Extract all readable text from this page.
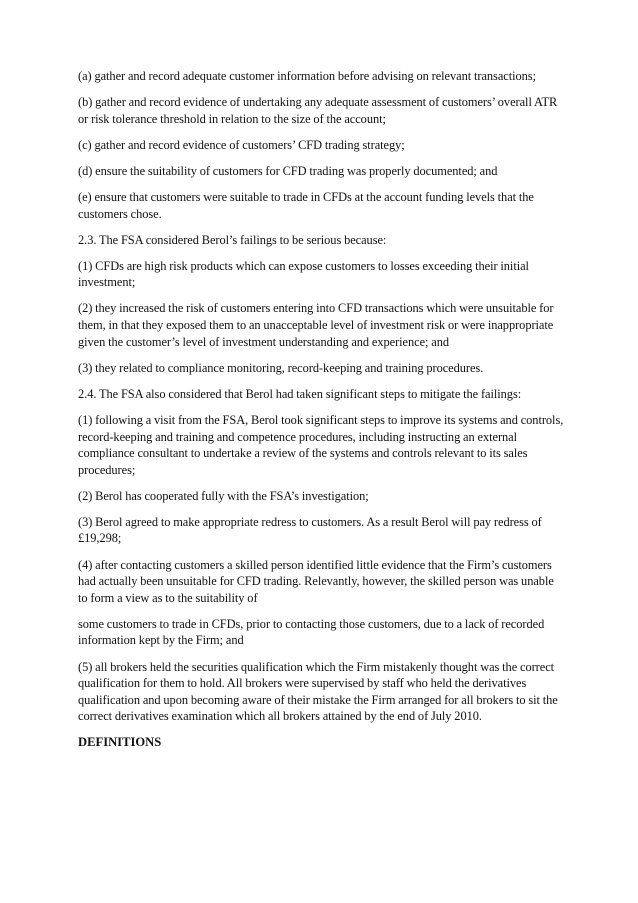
(a) gather and record adequate customer information before advising on relevant transactions;

(b) gather and record evidence of undertaking any adequate assessment of customers’ overall ATR or risk tolerance threshold in relation to the size of the account;

(c) gather and record evidence of customers’ CFD trading strategy;

(d) ensure the suitability of customers for CFD trading was properly documented; and

(e) ensure that customers were suitable to trade in CFDs at the account funding levels that the customers chose.

2.3. The FSA considered Berol’s failings to be serious because:

(1) CFDs are high risk products which can expose customers to losses exceeding their initial investment;

(2) they increased the risk of customers entering into CFD transactions which were unsuitable for them, in that they exposed them to an unacceptable level of investment risk or were inappropriate given the customer’s level of investment understanding and experience; and

(3) they related to compliance monitoring, record-keeping and training procedures.

2.4. The FSA also considered that Berol had taken significant steps to mitigate the failings:

(1) following a visit from the FSA, Berol took significant steps to improve its systems and controls, record-keeping and training and competence procedures, including instructing an external compliance consultant to undertake a review of the systems and controls relevant to its sales procedures;

(2) Berol has cooperated fully with the FSA’s investigation;

(3) Berol agreed to make appropriate redress to customers. As a result Berol will pay redress of £19,298;

(4) after contacting customers a skilled person identified little evidence that the Firm’s customers had actually been unsuitable for CFD trading. Relevantly, however, the skilled person was unable to form a view as to the suitability of

some customers to trade in CFDs, prior to contacting those customers, due to a lack of recorded information kept by the Firm; and

(5) all brokers held the securities qualification which the Firm mistakenly thought was the correct qualification for them to hold. All brokers were supervised by staff who held the derivatives qualification and upon becoming aware of their mistake the Firm arranged for all brokers to sit the correct derivatives examination which all brokers attained by the end of July 2010.

DEFINITIONS
